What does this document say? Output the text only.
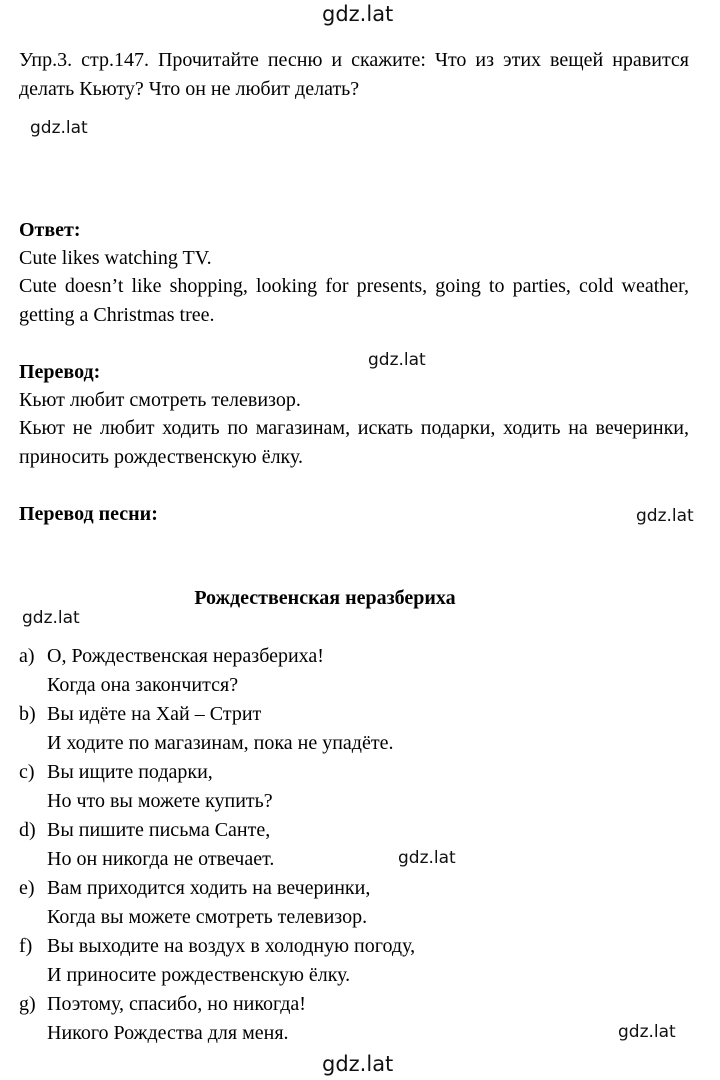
gdz.lat
gdz.lat
gdz.lat
gdz.lat
gdz.lat
gdz.lat
gdz.lat
gdz.lat
Упр.3. стр.147. Прочитайте песню и скажите: Что из этих вещей нравится делать Кьюту? Что он не любит делать?
Ответ:
Cute likes watching TV.
Cute doesn’t like shopping, looking for presents, going to parties, cold weather, getting a Christmas tree.
Перевод:
Кьют любит смотреть телевизор.
Кьют не любит ходить по магазинам, искать подарки, ходить на вечеринки, приносить рождественскую ёлку.
Перевод песни:
Рождественская неразбериха
a) О, Рождественская неразбериха!
Когда она закончится?
b) Вы идёте на Хай – Стрит
И ходите по магазинам, пока не упадёте.
c) Вы ищите подарки,
Но что вы можете купить?
d) Вы пишите письма Санте,
Но он никогда не отвечает.
e) Вам приходится ходить на вечеринки,
Когда вы можете смотреть телевизор.
f) Вы выходите на воздух в холодную погоду,
И приносите рождественскую ёлку.
g) Поэтому, спасибо, но никогда!
Никого Рождества для меня.
